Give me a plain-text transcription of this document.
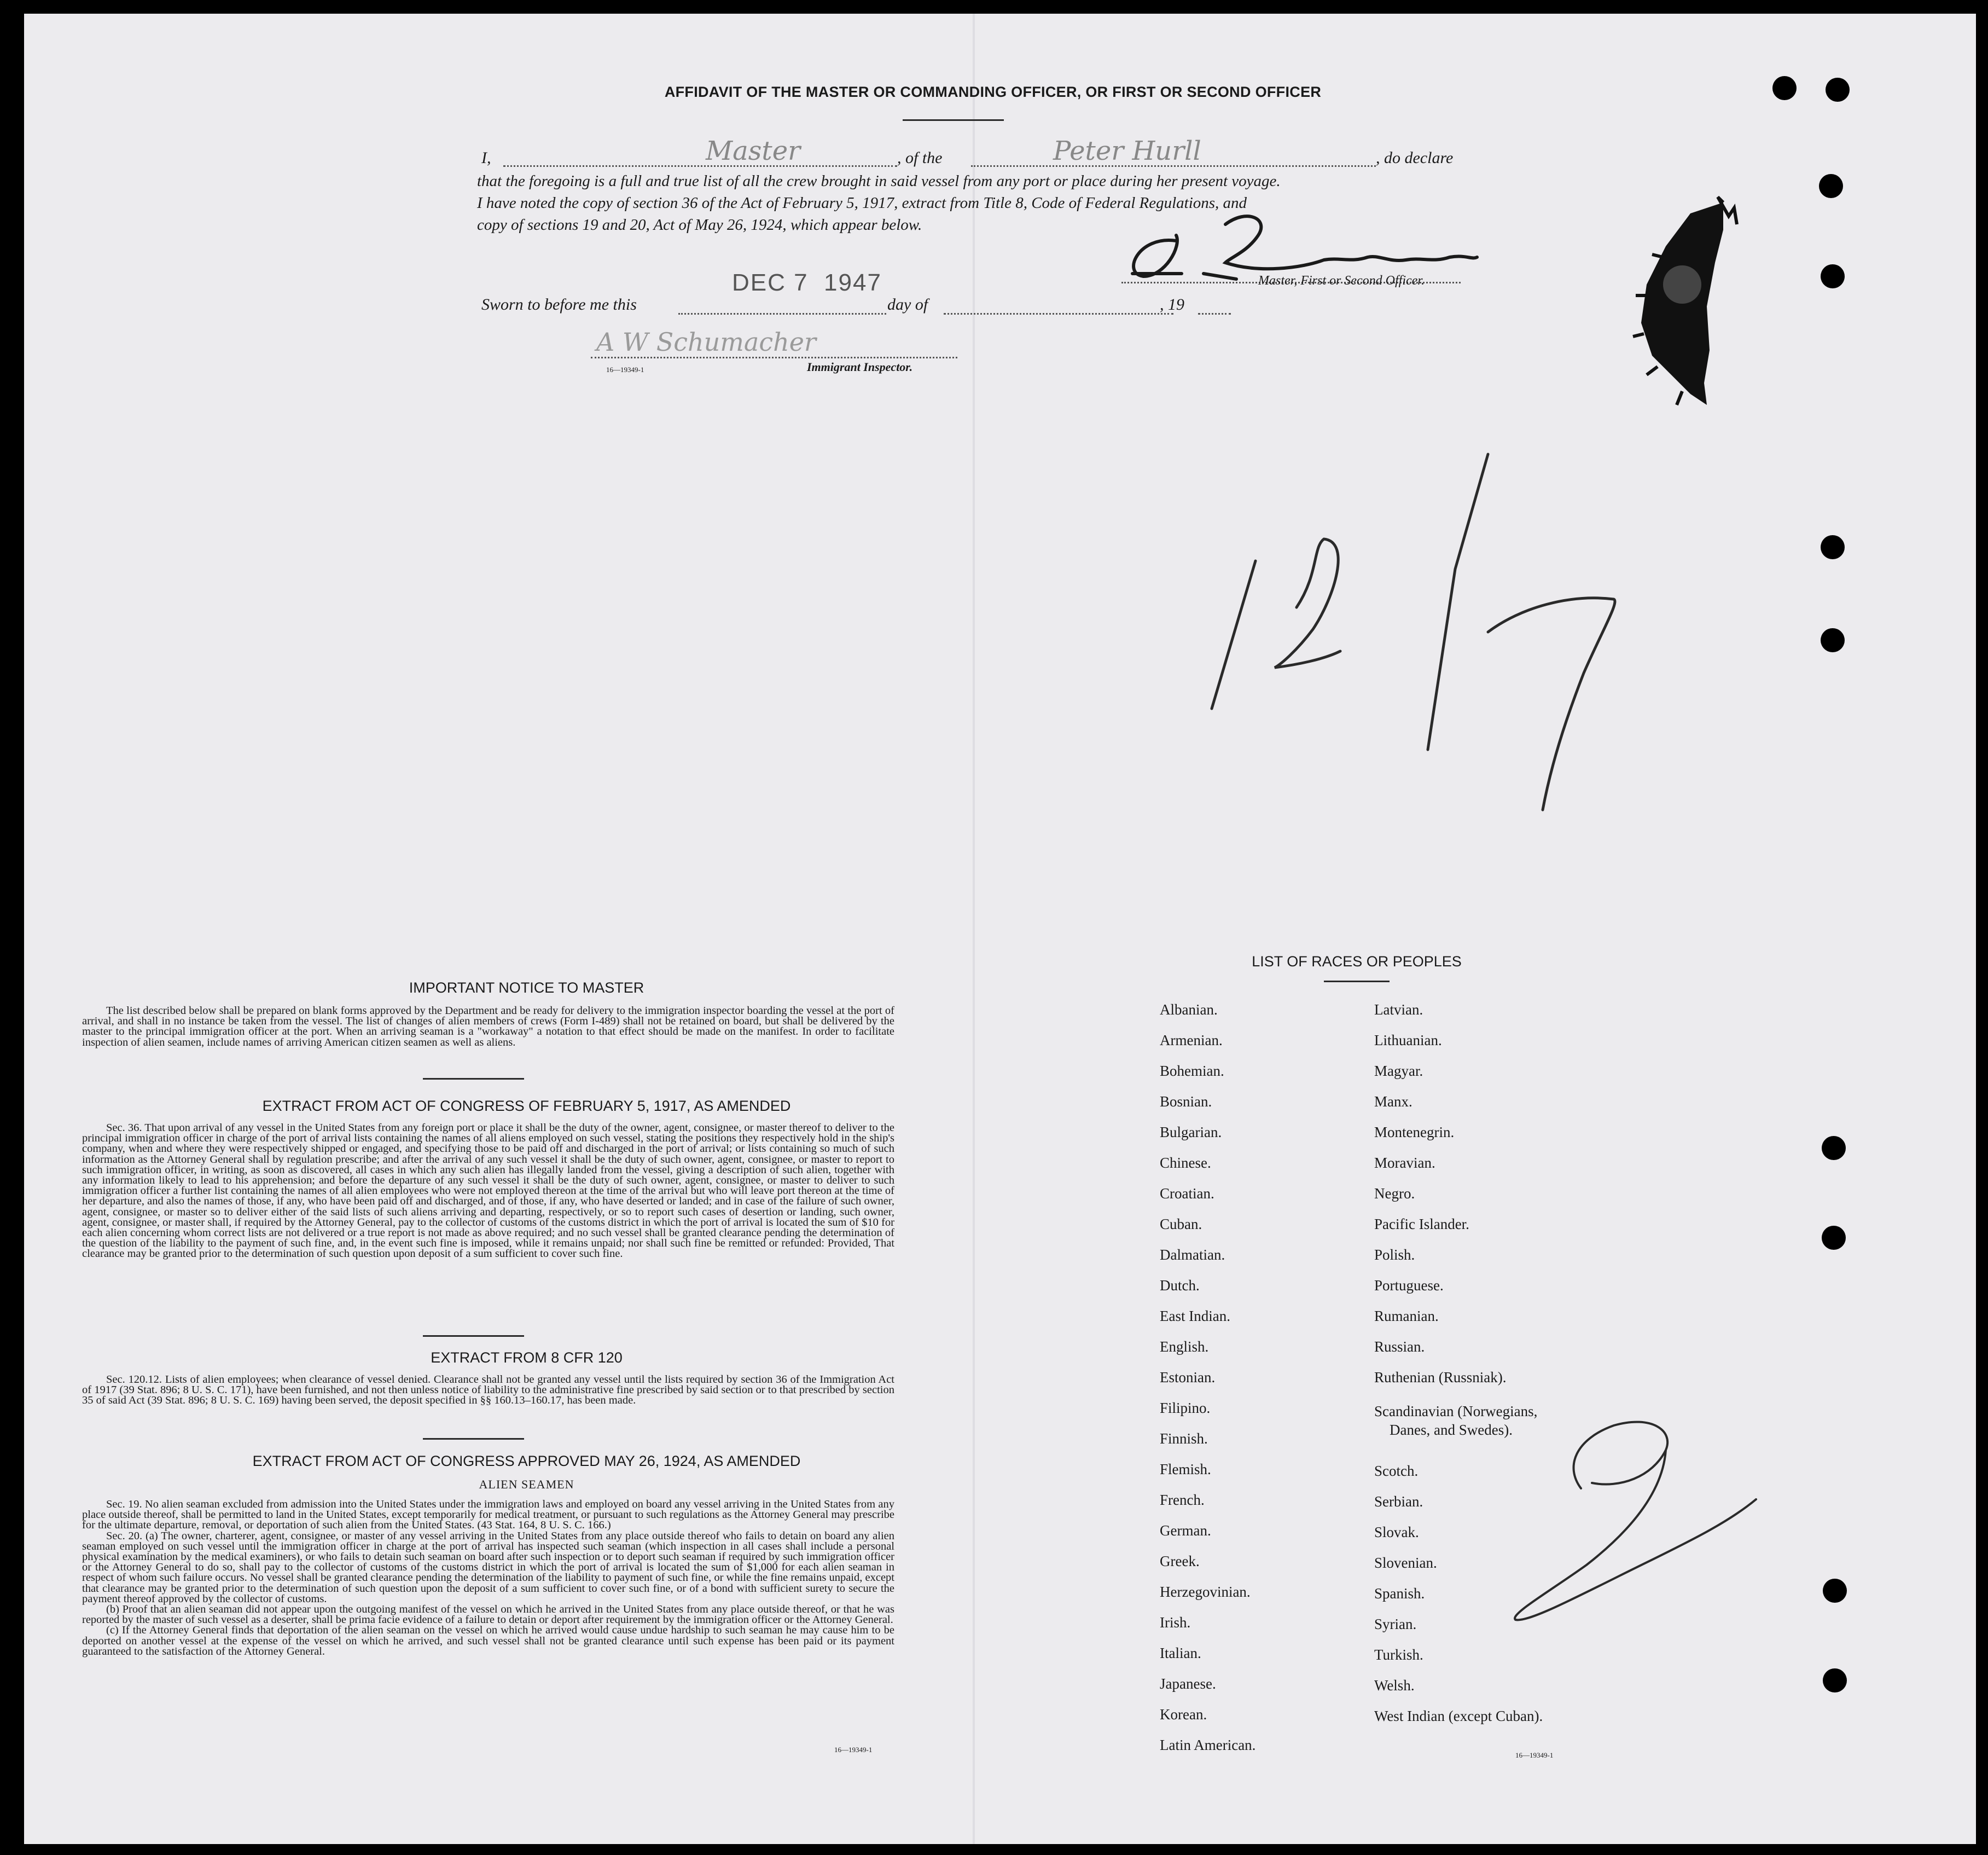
AFFIDAVIT OF THE MASTER OR COMMANDING OFFICER, OR FIRST OR SECOND OFFICER
I,	Master	, of the	Peter Hurll	, do declare
that the foregoing is a full and true list of all the crew brought in said vessel from any port or place during her present voyage.
I have noted the copy of section 36 of the Act of February 5, 1917, extract from Title 8, Code of Federal Regulations, and
copy of sections 19 and 20, Act of May 26, 1924, which appear below.
Master, First or Second Officer.
Sworn to before me this
DEC 7  1947
day of	, 19
A W Schumacher
16—19349-1	Immigrant Inspector.
IMPORTANT NOTICE TO MASTER

The list described below shall be prepared on blank forms approved by the Department and be ready for delivery to the immigration inspector boarding the vessel at the port of arrival, and shall in no instance be taken from the vessel. The list of changes of alien members of crews (Form I-489) shall not be retained on board, but shall be delivered by the master to the principal immigration officer at the port. When an arriving seaman is a "workaway" a notation to that effect should be made on the manifest. In order to facilitate inspection of alien seamen, include names of arriving American citizen seamen as well as aliens.

EXTRACT FROM ACT OF CONGRESS OF FEBRUARY 5, 1917, AS AMENDED

Sec. 36. That upon arrival of any vessel in the United States from any foreign port or place it shall be the duty of the owner, agent, consignee, or master thereof to deliver to the principal immigration officer in charge of the port of arrival lists containing the names of all aliens employed on such vessel, stating the positions they respectively hold in the ship's company, when and where they were respectively shipped or engaged, and specifying those to be paid off and discharged in the port of arrival; or lists containing so much of such information as the Attorney General shall by regulation prescribe; and after the arrival of any such vessel it shall be the duty of such owner, agent, consignee, or master to report to such immigration officer, in writing, as soon as discovered, all cases in which any such alien has illegally landed from the vessel, giving a description of such alien, together with any information likely to lead to his apprehension; and before the departure of any such vessel it shall be the duty of such owner, agent, consignee, or master to deliver to such immigration officer a further list containing the names of all alien employees who were not employed thereon at the time of the arrival but who will leave port thereon at the time of her departure, and also the names of those, if any, who have been paid off and discharged, and of those, if any, who have deserted or landed; and in case of the failure of such owner, agent, consignee, or master so to deliver either of the said lists of such aliens arriving and departing, respectively, or so to report such cases of desertion or landing, such owner, agent, consignee, or master shall, if required by the Attorney General, pay to the collector of customs of the customs district in which the port of arrival is located the sum of $10 for each alien concerning whom correct lists are not delivered or a true report is not made as above required; and no such vessel shall be granted clearance pending the determination of the question of the liability to the payment of such fine, and, in the event such fine is imposed, while it remains unpaid; nor shall such fine be remitted or refunded: Provided, That clearance may be granted prior to the determination of such question upon deposit of a sum sufficient to cover such fine.

EXTRACT FROM 8 CFR 120

Sec. 120.12. Lists of alien employees; when clearance of vessel denied. Clearance shall not be granted any vessel until the lists required by section 36 of the Immigration Act of 1917 (39 Stat. 896; 8 U. S. C. 171), have been furnished, and not then unless notice of liability to the administrative fine prescribed by said section or to that prescribed by section 35 of said Act (39 Stat. 896; 8 U. S. C. 169) having been served, the deposit specified in §§ 160.13–160.17, has been made.

EXTRACT FROM ACT OF CONGRESS APPROVED MAY 26, 1924, AS AMENDED
ALIEN SEAMEN

Sec. 19. No alien seaman excluded from admission into the United States under the immigration laws and employed on board any vessel arriving in the United States from any place outside thereof, shall be permitted to land in the United States, except temporarily for medical treatment, or pursuant to such regulations as the Attorney General may prescribe for the ultimate departure, removal, or deportation of such alien from the United States. (43 Stat. 164, 8 U. S. C. 166.)

Sec. 20. (a) The owner, charterer, agent, consignee, or master of any vessel arriving in the United States from any place outside thereof who fails to detain on board any alien seaman employed on such vessel until the immigration officer in charge at the port of arrival has inspected such seaman (which inspection in all cases shall include a personal physical examination by the medical examiners), or who fails to detain such seaman on board after such inspection or to deport such seaman if required by such immigration officer or the Attorney General to do so, shall pay to the collector of customs of the customs district in which the port of arrival is located the sum of $1,000 for each alien seaman in respect of whom such failure occurs. No vessel shall be granted clearance pending the determination of the liability to payment of such fine, or while the fine remains unpaid, except that clearance may be granted prior to the determination of such question upon the deposit of a sum sufficient to cover such fine, or of a bond with sufficient surety to secure the payment thereof approved by the collector of customs.

(b) Proof that an alien seaman did not appear upon the outgoing manifest of the vessel on which he arrived in the United States from any place outside thereof, or that he was reported by the master of such vessel as a deserter, shall be prima facie evidence of a failure to detain or deport after requirement by the immigration officer or the Attorney General.

(c) If the Attorney General finds that deportation of the alien seaman on the vessel on which he arrived would cause undue hardship to such seaman he may cause him to be deported on another vessel at the expense of the vessel on which he arrived, and such vessel shall not be granted clearance until such expense has been paid or its payment guaranteed to the satisfaction of the Attorney General.

16—19349-1
LIST OF RACES OR PEOPLES
Albanian.
Armenian.
Bohemian.
Bosnian.
Bulgarian.
Chinese.
Croatian.
Cuban.
Dalmatian.
Dutch.
East Indian.
English.
Estonian.
Filipino.
Finnish.
Flemish.
French.
German.
Greek.
Herzegovinian.
Irish.
Italian.
Japanese.
Korean.
Latin American.
Latvian.
Lithuanian.
Magyar.
Manx.
Montenegrin.
Moravian.
Negro.
Pacific Islander.
Polish.
Portuguese.
Rumanian.
Russian.
Ruthenian (Russniak).
Scandinavian (Norwegians,
Danes, and Swedes).
Scotch.
Serbian.
Slovak.
Slovenian.
Spanish.
Syrian.
Turkish.
Welsh.
West Indian (except Cuban).
16—19349-1
